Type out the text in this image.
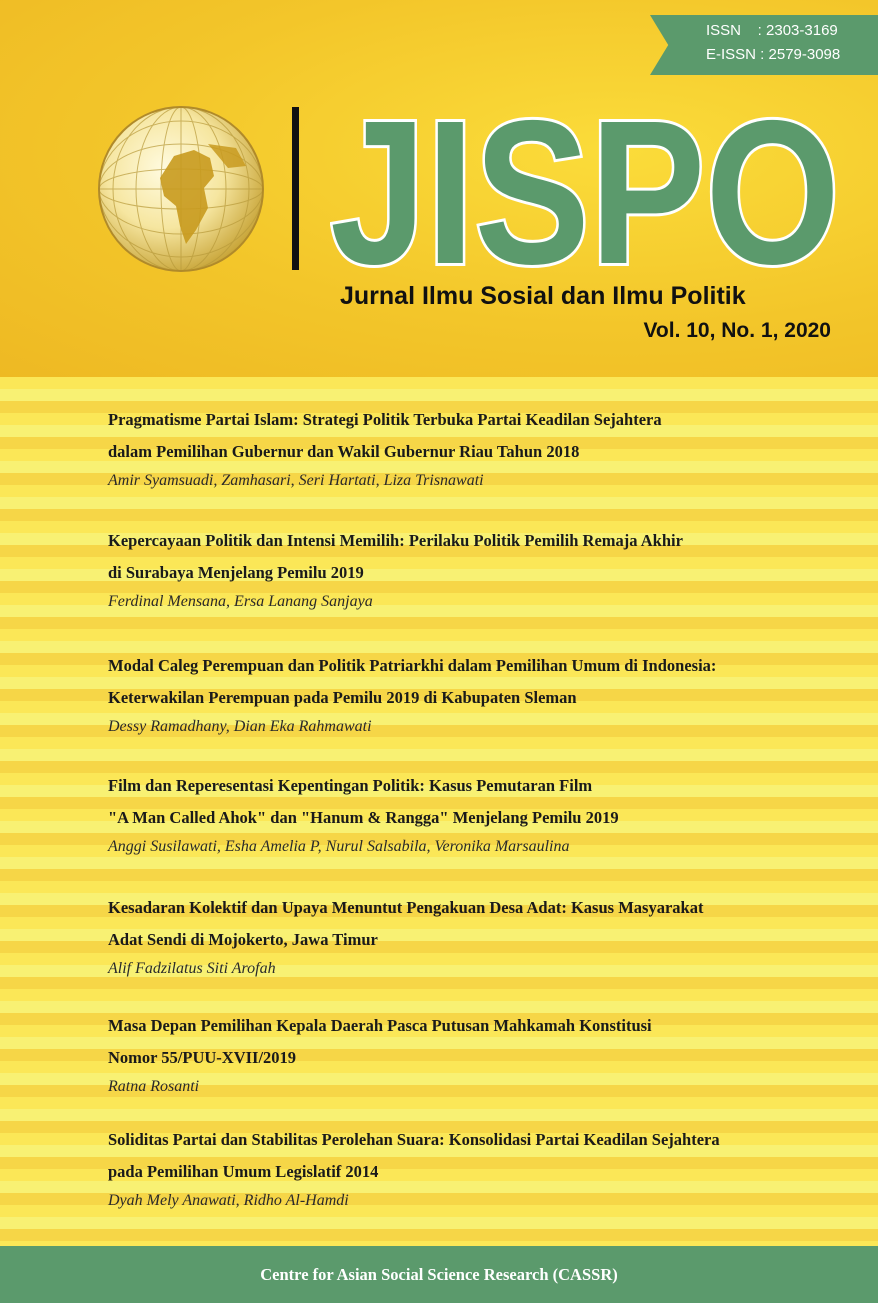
ISSN    : 2303-3169
E-ISSN : 2579-3098
JISPO
Jurnal Ilmu Sosial dan Ilmu Politik
Vol. 10, No. 1, 2020
Pragmatisme Partai Islam: Strategi Politik Terbuka Partai Keadilan Sejahtera
dalam Pemilihan Gubernur dan Wakil Gubernur Riau Tahun 2018
Amir Syamsuadi, Zamhasari, Seri Hartati, Liza Trisnawati
Kepercayaan Politik dan Intensi Memilih: Perilaku Politik Pemilih Remaja Akhir
di Surabaya Menjelang Pemilu 2019
Ferdinal Mensana, Ersa Lanang Sanjaya
Modal Caleg Perempuan dan Politik Patriarkhi dalam Pemilihan Umum di Indonesia:
Keterwakilan Perempuan pada Pemilu 2019 di Kabupaten Sleman
Dessy Ramadhany, Dian Eka Rahmawati
Film dan Reperesentasi Kepentingan Politik: Kasus Pemutaran Film
"A Man Called Ahok" dan "Hanum & Rangga" Menjelang Pemilu 2019
Anggi Susilawati, Esha Amelia P, Nurul Salsabila, Veronika Marsaulina
Kesadaran Kolektif dan Upaya Menuntut Pengakuan Desa Adat: Kasus Masyarakat
Adat Sendi di Mojokerto, Jawa Timur
Alif Fadzilatus Siti Arofah
Masa Depan Pemilihan Kepala Daerah Pasca Putusan Mahkamah Konstitusi
Nomor 55/PUU-XVII/2019
Ratna Rosanti
Soliditas Partai dan Stabilitas Perolehan Suara: Konsolidasi Partai Keadilan Sejahtera
pada Pemilihan Umum Legislatif 2014
Dyah Mely Anawati, Ridho Al-Hamdi
Centre for Asian Social Science Research (CASSR)
